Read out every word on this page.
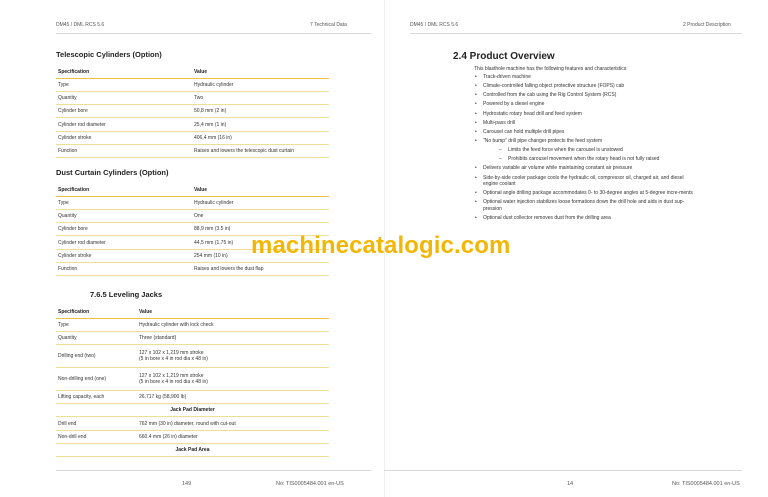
DM45 / DML RCS 5.6	7 Technical Data
Telescopic Cylinders (Option)
Specification	Value
Type	Hydraulic cylinder

Quantity	Two

Cylinder bore	50,8 mm (2 in)

Cylinder rod diameter	25,4 mm (1 in)

Cylinder stroke	406,4 mm (16 in)

Function	Raises and lowers the telescopic dust curtain
Dust Curtain Cylinders (Option)
Specification	Value
Type	Hydraulic cylinder

Quantity	One

Cylinder bore	88,9 mm (3.5 in)

Cylinder rod diameter	44,5 mm (1.75 in)

Cylinder stroke	254 mm (10 in)

Function	Raises and lowers the dust flap
7.6.5 Leveling Jacks
Specification	Value
Type	Hydraulic cylinder with lock check

Quantity	Three (standard)

Drilling end (two)	127 x 102 x 1,219 mm stroke
(5 in bore x 4 in rod dia x 48 in)

Non-drilling end (one)	127 x 102 x 1,219 mm stroke
(5 in bore x 4 in rod dia x 48 in)

Lifting capacity, each	26,717 kg (58,900 lb)

Jack Pad Diameter	
Drill end	762 mm (30 in) diameter, round with cut-out
Non-drill end	660.4 mm (26 in) diameter
Jack Pad Area	
149	No: TIS0005484.001 en-US
DM45 / DML RCS 5.6	2 Product Description
14	No: TIS0005484.001 en-US
2.4 Product Overview
This blasthole machine has the following features and characteristics:
• Track-driven machine
• Climate-controlled falling object protective structure (FOPS) cab
• Controlled from the cab using the Rig Control System (RCS)
• Powered by a diesel engine
• Hydrostatic rotary head drill and feed system
• Multi-pass drill
• Carousel can hold multiple drill pipes
• "No bump" drill pipe changer protects the feed system
– Limits the feed force when the carousel is unstowed
– Prohibits carousel movement when the rotary head is not fully raised
• Delivers variable air volume while maintaining constant air pressure
• Side-by-side cooler package cools the hydraulic oil, compressor oil, charged air, and diesel engine coolant
• Optional angle drilling package accommodates 0- to 30-degree angles at 5-degree incre-ments
• Optional water injection stabilizes loose formations down the drill hole and aids in dust sup-pression
• Optional dust collector removes dust from the drilling area
machinecatalogic.com
